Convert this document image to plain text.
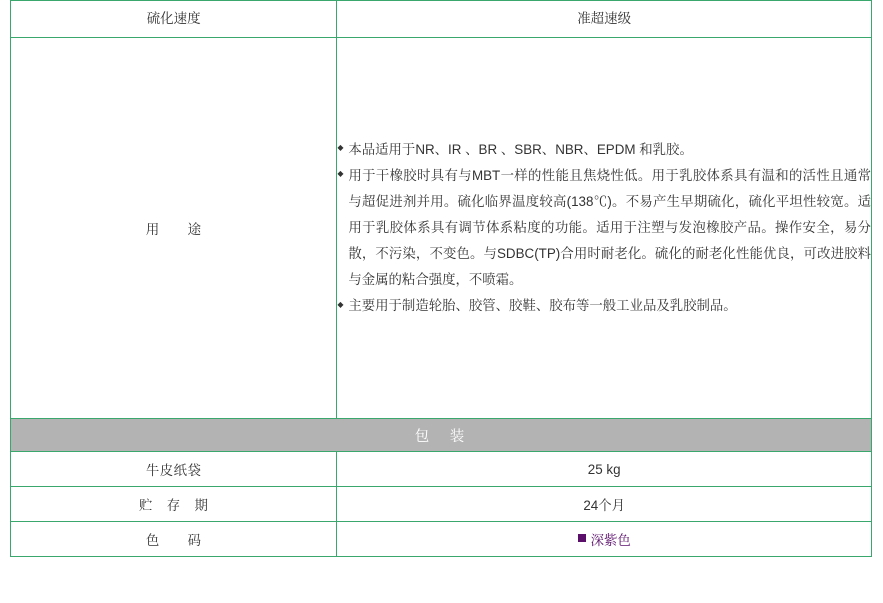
硫化速度	准超速级
用　　途	◆ 本品适用于NR、IR 、BR 、SBR、NBR、EPDM 和乳胶。
◆ 用于干橡胶时具有与MBT一样的性能且焦烧性低。用于乳胶体系具有温和的活性且通常与超促进剂并用。硫化临界温度较高(138℃)。不易产生早期硫化，硫化平坦性较宽。适用于乳胶体系具有调节体系粘度的功能。适用于注塑与发泡橡胶产品。操作安全，易分散，不污染，不变色。与SDBC(TP)合用时耐老化。硫化的耐老化性能优良，可改进胶料与金属的粘合强度，不喷霜。
◆ 主要用于制造轮胎、胶管、胶鞋、胶布等一般工业品及乳胶制品。

包　装	
牛皮纸袋	25 kg
贮　存　期	24个月
色　　码	深紫色
